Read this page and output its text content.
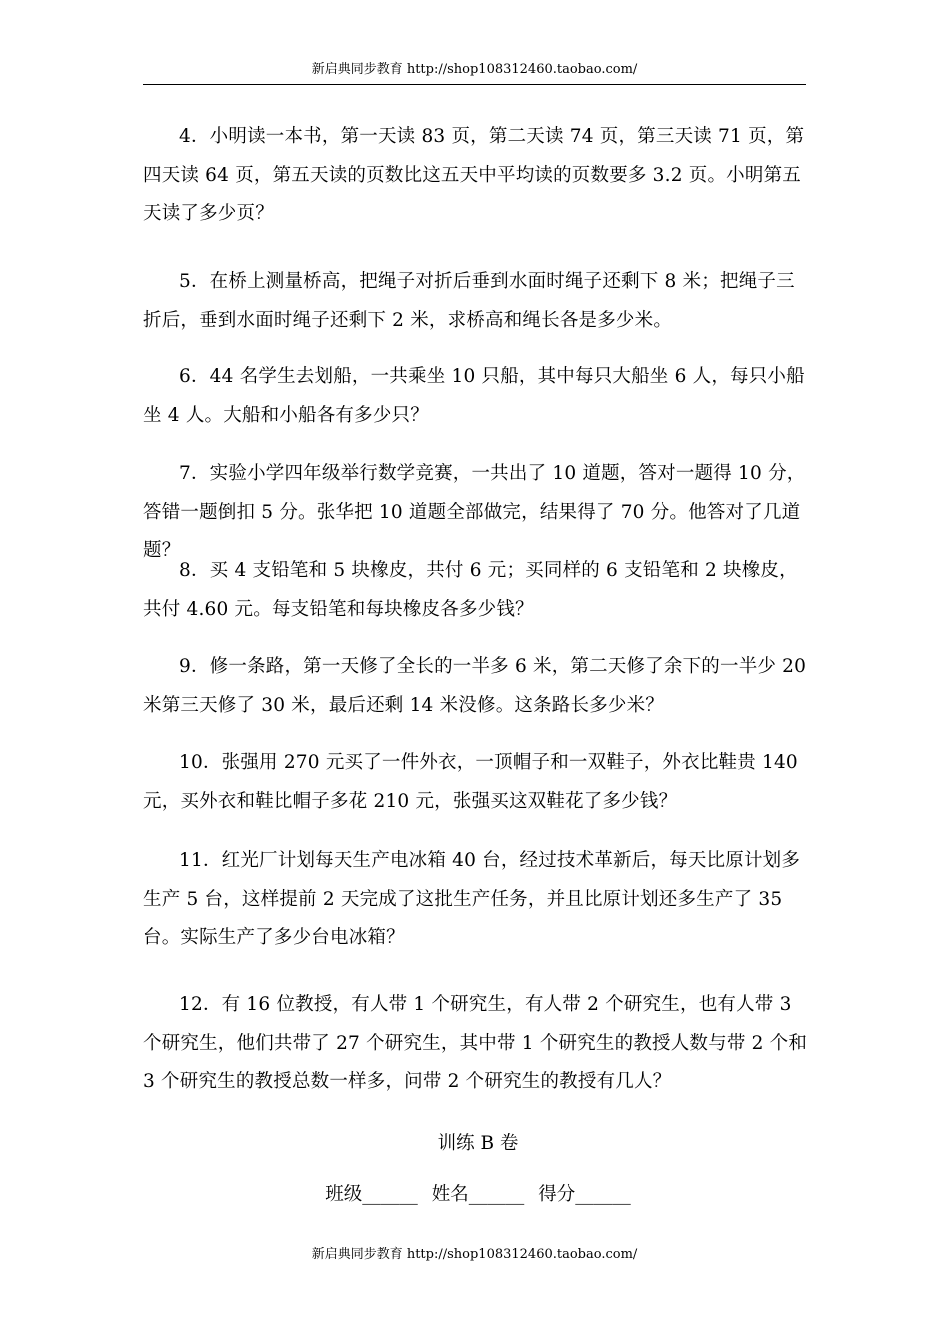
新启典同步教育 http://shop108312460.taobao.com/

4．小明读一本书，第一天读 83 页，第二天读 74 页，第三天读 71 页，第四天读 64 页，第五天读的页数比这五天中平均读的页数要多 3.2 页。小明第五天读了多少页？

5．在桥上测量桥高，把绳子对折后垂到水面时绳子还剩下 8 米；把绳子三折后，垂到水面时绳子还剩下 2 米，求桥高和绳长各是多少米。

6．44 名学生去划船，一共乘坐 10 只船，其中每只大船坐 6 人，每只小船坐 4 人。大船和小船各有多少只？

7．实验小学四年级举行数学竞赛，一共出了 10 道题，答对一题得 10 分，答错一题倒扣 5 分。张华把 10 道题全部做完，结果得了 70 分。他答对了几道题？

8．买 4 支铅笔和 5 块橡皮，共付 6 元；买同样的 6 支铅笔和 2 块橡皮，共付 4.60 元。每支铅笔和每块橡皮各多少钱？

9．修一条路，第一天修了全长的一半多 6 米，第二天修了余下的一半少 20 米第三天修了 30 米，最后还剩 14 米没修。这条路长多少米？

10．张强用 270 元买了一件外衣，一顶帽子和一双鞋子，外衣比鞋贵 140 元，买外衣和鞋比帽子多花 210 元，张强买这双鞋花了多少钱？

11．红光厂计划每天生产电冰箱 40 台，经过技术革新后，每天比原计划多生产 5 台，这样提前 2 天完成了这批生产任务，并且比原计划还多生产了 35 台。实际生产了多少台电冰箱？

12．有 16 位教授，有人带 1 个研究生，有人带 2 个研究生，也有人带 3 个研究生，他们共带了 27 个研究生，其中带 1 个研究生的教授人数与带 2 个和 3 个研究生的教授总数一样多，问带 2 个研究生的教授有几人？

训练 B 卷
班级______ 姓名______ 得分______
新启典同步教育 http://shop108312460.taobao.com/
